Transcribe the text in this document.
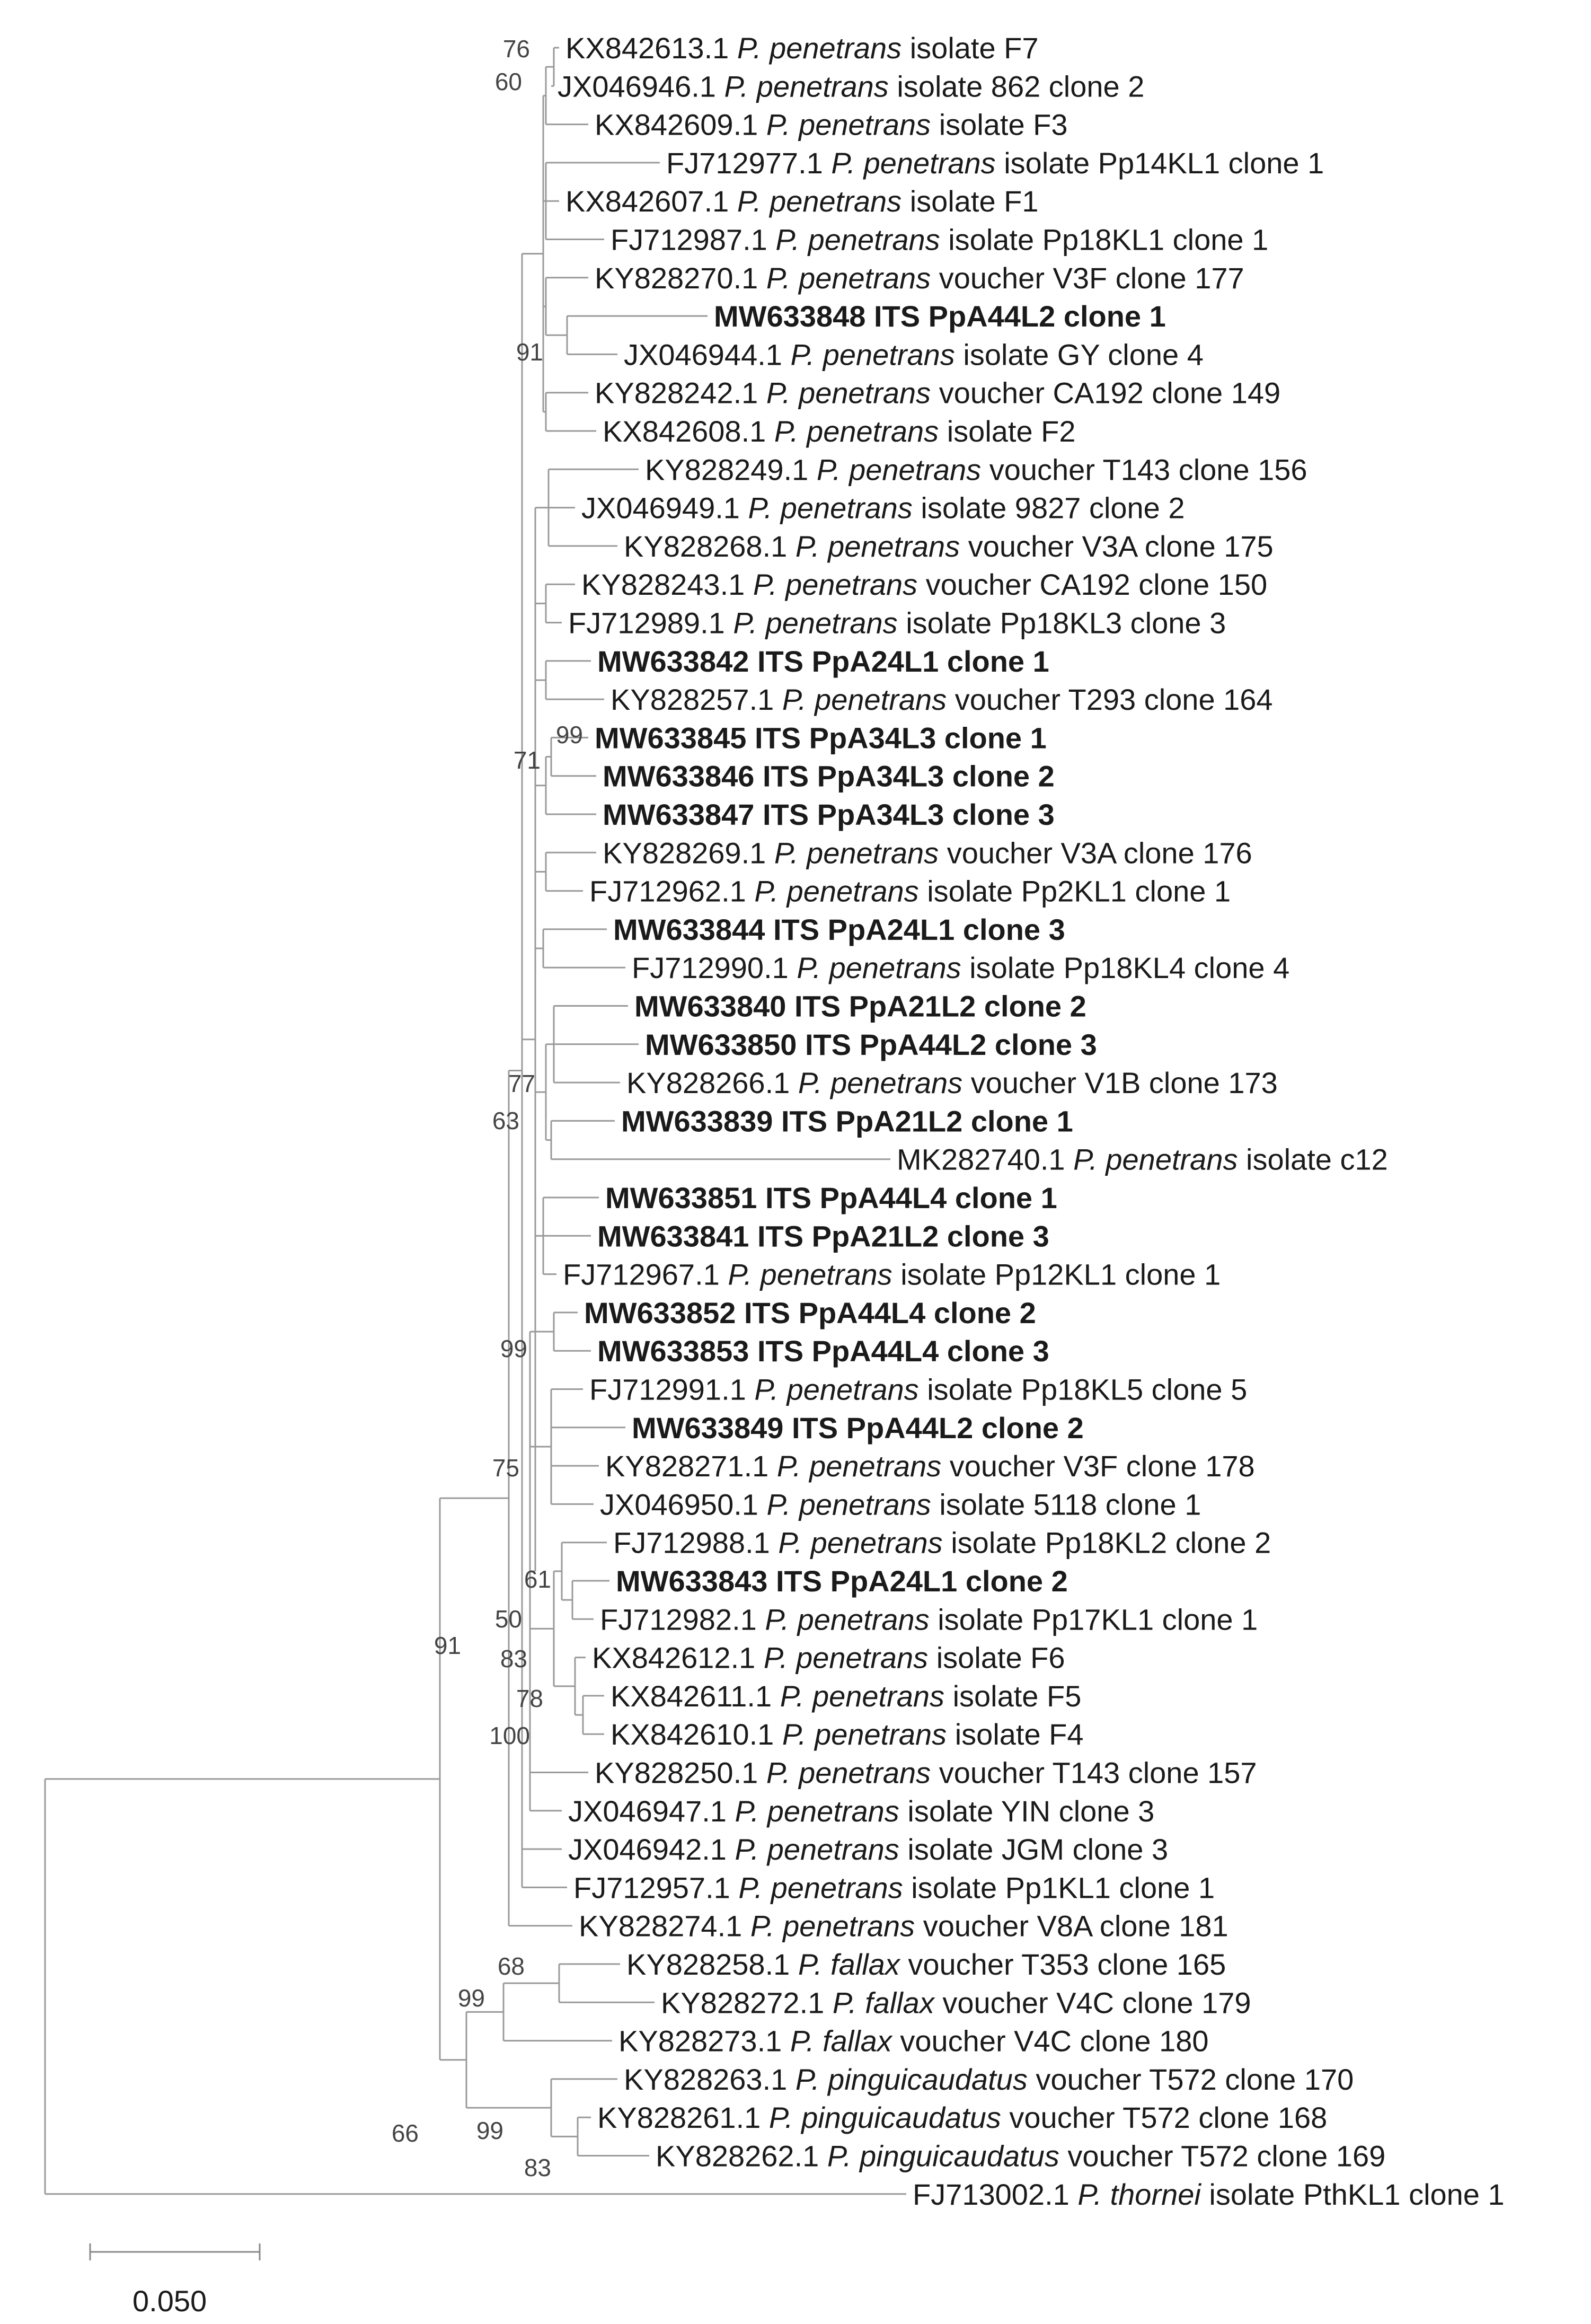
KX842613.1 P. penetrans isolate F7
JX046946.1 P. penetrans isolate 862 clone 2
KX842609.1 P. penetrans isolate F3
FJ712977.1 P. penetrans isolate Pp14KL1 clone 1
KX842607.1 P. penetrans isolate F1
FJ712987.1 P. penetrans isolate Pp18KL1 clone 1
KY828270.1 P. penetrans voucher V3F clone 177
MW633848 ITS PpA44L2 clone 1
JX046944.1 P. penetrans isolate GY clone 4
KY828242.1 P. penetrans voucher CA192 clone 149
KX842608.1 P. penetrans isolate F2
KY828249.1 P. penetrans voucher T143 clone 156
JX046949.1 P. penetrans isolate 9827 clone 2
KY828268.1 P. penetrans voucher V3A clone 175
KY828243.1 P. penetrans voucher CA192 clone 150
FJ712989.1 P. penetrans isolate Pp18KL3 clone 3
MW633842 ITS PpA24L1 clone 1
KY828257.1 P. penetrans voucher T293 clone 164
MW633845 ITS PpA34L3 clone 1
MW633846 ITS PpA34L3 clone 2
MW633847 ITS PpA34L3 clone 3
KY828269.1 P. penetrans voucher V3A clone 176
FJ712962.1 P. penetrans isolate Pp2KL1 clone 1
MW633844 ITS PpA24L1 clone 3
FJ712990.1 P. penetrans isolate Pp18KL4 clone 4
MW633840 ITS PpA21L2 clone 2
MW633850 ITS PpA44L2 clone 3
KY828266.1 P. penetrans voucher V1B clone 173
MW633839 ITS PpA21L2 clone 1
MK282740.1 P. penetrans isolate c12
MW633851 ITS PpA44L4 clone 1
MW633841 ITS PpA21L2 clone 3
FJ712967.1 P. penetrans isolate Pp12KL1 clone 1
MW633852 ITS PpA44L4 clone 2
MW633853 ITS PpA44L4 clone 3
FJ712991.1 P. penetrans isolate Pp18KL5 clone 5
MW633849 ITS PpA44L2 clone 2
KY828271.1 P. penetrans voucher V3F clone 178
JX046950.1 P. penetrans isolate 5118 clone 1
FJ712988.1 P. penetrans isolate Pp18KL2 clone 2
MW633843 ITS PpA24L1 clone 2
FJ712982.1 P. penetrans isolate Pp17KL1 clone 1
KX842612.1 P. penetrans isolate F6
KX842611.1 P. penetrans isolate F5
KX842610.1 P. penetrans isolate F4
KY828250.1 P. penetrans voucher T143 clone 157
JX046947.1 P. penetrans isolate YIN clone 3
JX046942.1 P. penetrans isolate JGM clone 3
FJ712957.1 P. penetrans isolate Pp1KL1 clone 1
KY828274.1 P. penetrans voucher V8A clone 181
KY828258.1 P. fallax voucher T353 clone 165
KY828272.1 P. fallax voucher V4C clone 179
KY828273.1 P. fallax voucher V4C clone 180
KY828263.1 P. pinguicaudatus voucher T572 clone 170
KY828261.1 P. pinguicaudatus voucher T572 clone 168
KY828262.1 P. pinguicaudatus voucher T572 clone 169
FJ713002.1 P. thornei isolate PthKL1 clone 1
76
60
91
99
71
77
63
99
75
61
50
83
78
100
91
68
99
66 99
83
0.050
